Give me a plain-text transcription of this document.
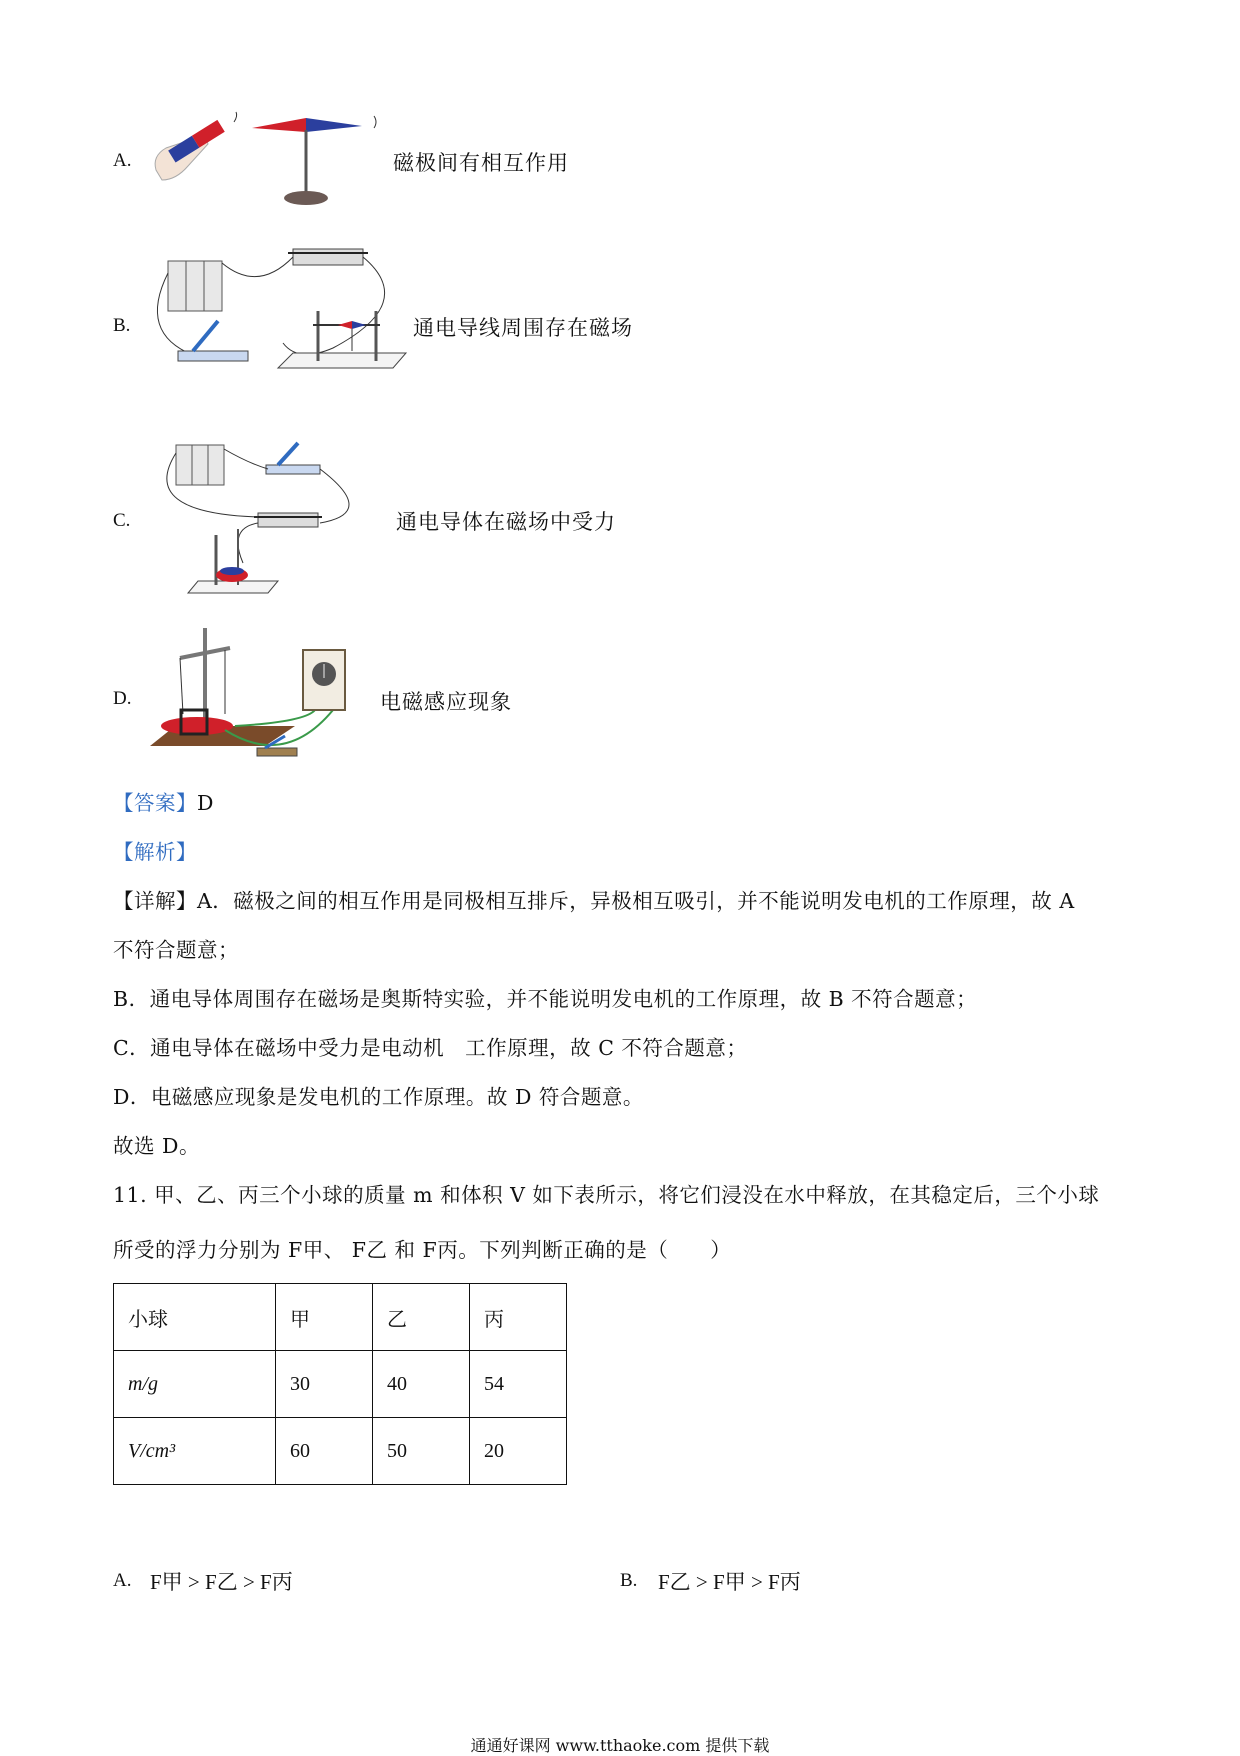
A.	磁极间有相互作用
B.	通电导线周围存在磁场
C.	通电导体在磁场中受力
D.	电磁感应现象
【答案】D
【解析】
【详解】A．磁极之间的相互作用是同极相互排斥，异极相互吸引，并不能说明发电机的工作原理，故 A
不符合题意；
B．通电导体周围存在磁场是奥斯特实验，并不能说明发电机的工作原理，故 B 不符合题意；
C．通电导体在磁场中受力是电动机　工作原理，故 C 不符合题意；
D．电磁感应现象是发电机的工作原理。故 D 符合题意。
故选 D。
11. 甲、乙、丙三个小球的质量 m 和体积 V 如下表所示，将它们浸没在水中释放，在其稳定后，三个小球
所受的浮力分别为 F甲、 F乙 和 F丙。下列判断正确的是（　　）
小球	甲	乙	丙
m/g	30	40	54
V/cm³	60	50	20
A. F甲 > F乙 > F丙	B. F乙 > F甲 > F丙
通通好课网 www.tthaoke.com 提供下载
